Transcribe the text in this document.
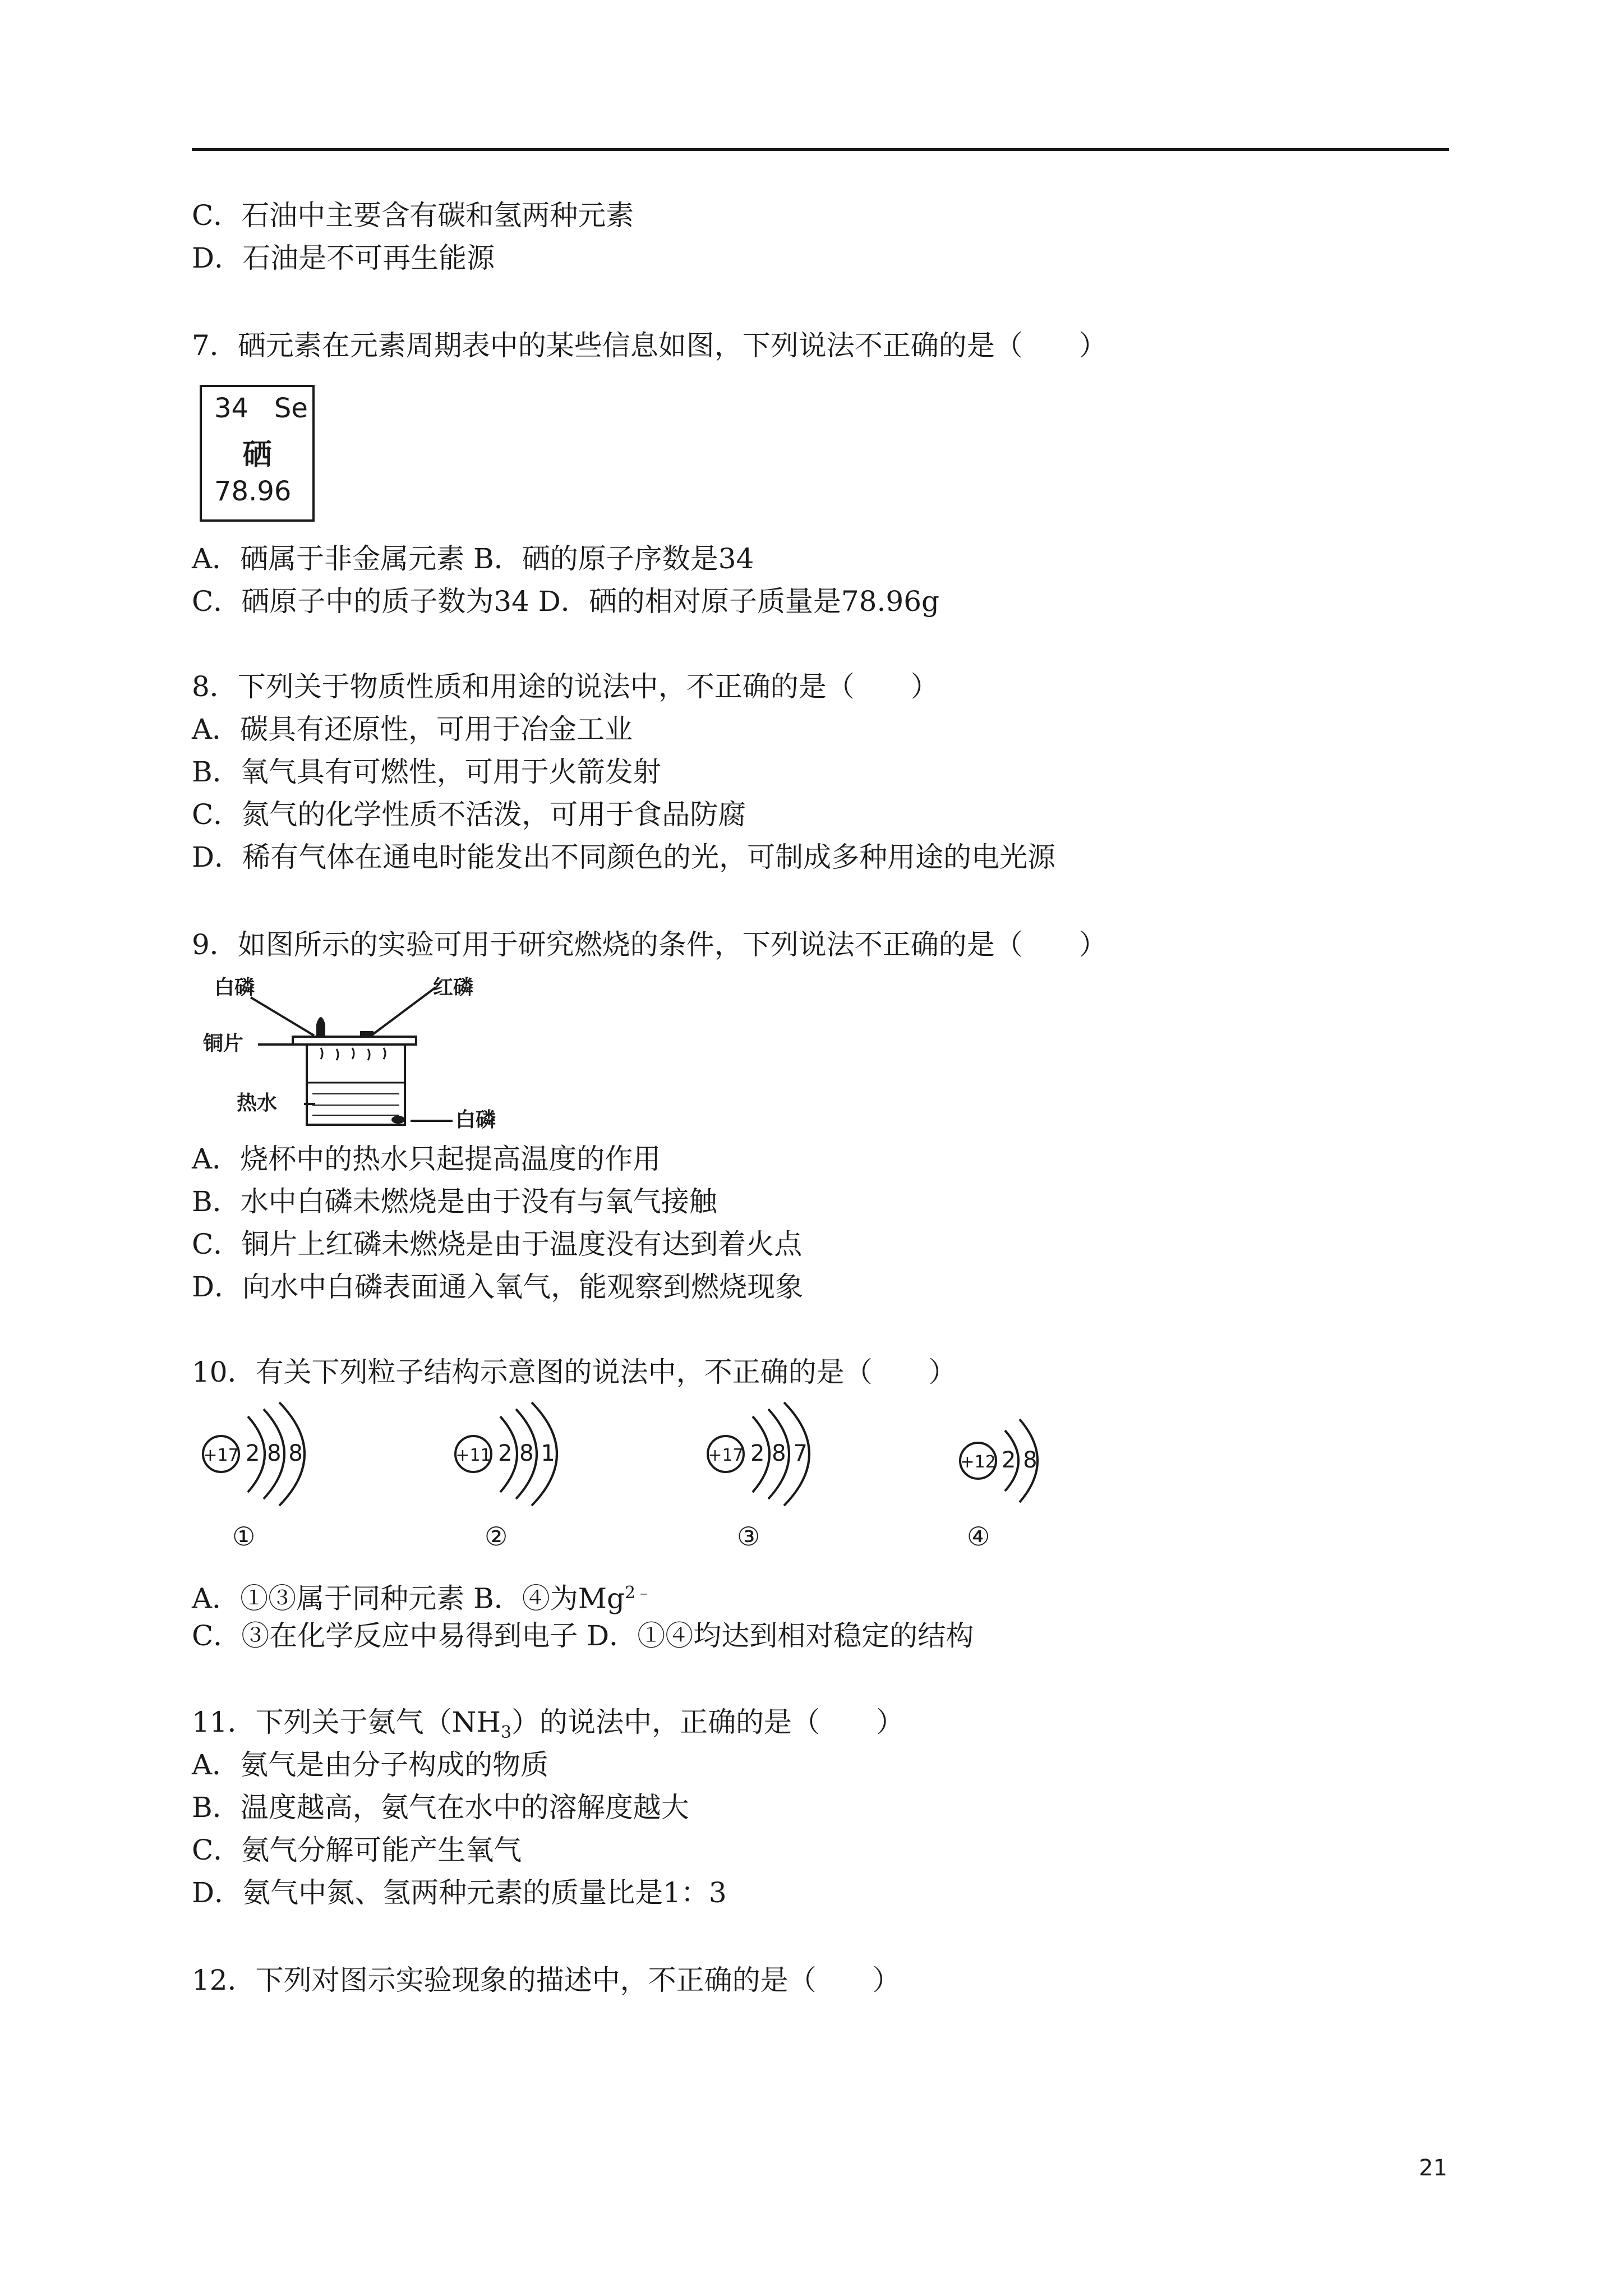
C．石油中主要含有碳和氢两种元素
D．石油是不可再生能源
7．硒元素在元素周期表中的某些信息如图，下列说法不正确的是（　　）
34 Se
硒
78.96
A．硒属于非金属元素 B．硒的原子序数是34
C．硒原子中的质子数为34 D．硒的相对原子质量是78.96g
8．下列关于物质性质和用途的说法中，不正确的是（　　）
A．碳具有还原性，可用于冶金工业
B．氧气具有可燃性，可用于火箭发射
C．氮气的化学性质不活泼，可用于食品防腐
D．稀有气体在通电时能发出不同颜色的光，可制成多种用途的电光源
9．如图所示的实验可用于研究燃烧的条件，下列说法不正确的是（　　）
白磷	红磷
铜片
热水
白磷
A．烧杯中的热水只起提高温度的作用
B．水中白磷未燃烧是由于没有与氧气接触
C．铜片上红磷未燃烧是由于温度没有达到着火点
D．向水中白磷表面通入氧气，能观察到燃烧现象
10．有关下列粒子结构示意图的说法中，不正确的是（　　）
+17 2 8 8
①
+11 2 8 1
②
+17 2 8 7
③
+12 2 8
④
A．①③属于同种元素 B．④为$Mg^{2﹣}$
C．③在化学反应中易得到电子 D．①④均达到相对稳定的结构
11．下列关于氨气$(NH_3)$的说法中，正确的是（　　）
A．氨气是由分子构成的物质
B．温度越高，氨气在水中的溶解度越大
C．氨气分解可能产生氧气
D．氨气中氮、氢两种元素的质量比是1：3
12．下列对图示实验现象的描述中，不正确的是（　　）
21
